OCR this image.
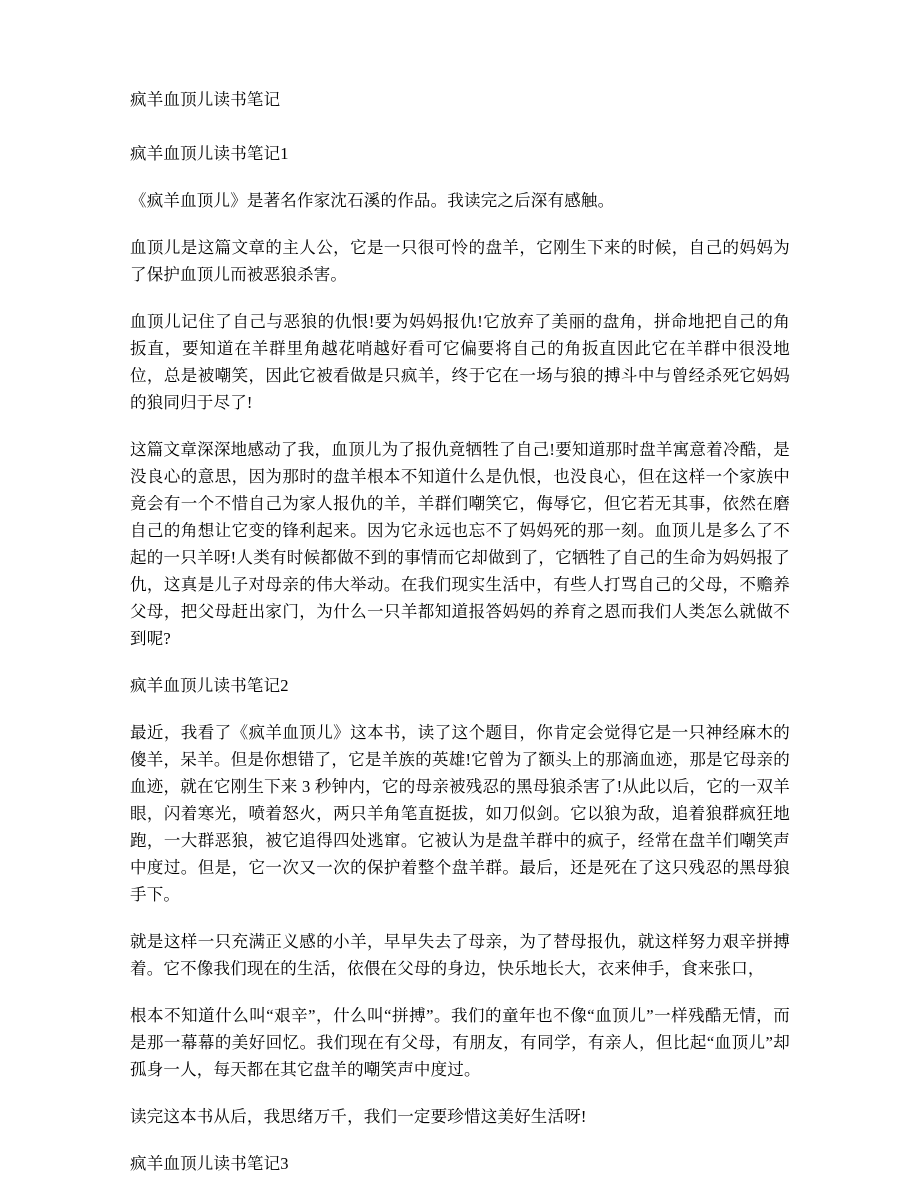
疯羊血顶儿读书笔记

疯羊血顶儿读书笔记1

《疯羊血顶儿》是著名作家沈石溪的作品。我读完之后深有感触。

血顶儿是这篇文章的主人公，它是一只很可怜的盘羊，它刚生下来的时候，自己的妈妈为了保护血顶儿而被恶狼杀害。

血顶儿记住了自己与恶狼的仇恨!要为妈妈报仇!它放弃了美丽的盘角，拼命地把自己的角扳直，要知道在羊群里角越花哨越好看可它偏要将自己的角扳直因此它在羊群中很没地位，总是被嘲笑，因此它被看做是只疯羊，终于它在一场与狼的搏斗中与曾经杀死它妈妈的狼同归于尽了!

这篇文章深深地感动了我，血顶儿为了报仇竟牺牲了自己!要知道那时盘羊寓意着冷酷，是没良心的意思，因为那时的盘羊根本不知道什么是仇恨，也没良心，但在这样一个家族中竟会有一个不惜自己为家人报仇的羊，羊群们嘲笑它，侮辱它，但它若无其事，依然在磨自己的角想让它变的锋利起来。因为它永远也忘不了妈妈死的那一刻。血顶儿是多么了不起的一只羊呀!人类有时候都做不到的事情而它却做到了，它牺牲了自己的生命为妈妈报了仇，这真是儿子对母亲的伟大举动。在我们现实生活中，有些人打骂自己的父母，不赡养父母，把父母赶出家门，为什么一只羊都知道报答妈妈的养育之恩而我们人类怎么就做不到呢?

疯羊血顶儿读书笔记2

最近，我看了《疯羊血顶儿》这本书，读了这个题目，你肯定会觉得它是一只神经麻木的傻羊，呆羊。但是你想错了，它是羊族的英雄!它曾为了额头上的那滴血迹，那是它母亲的血迹，就在它刚生下来 3 秒钟内，它的母亲被残忍的黑母狼杀害了!从此以后，它的一双羊眼，闪着寒光，喷着怒火，两只羊角笔直挺拔，如刀似剑。它以狼为敌，追着狼群疯狂地跑，一大群恶狼，被它追得四处逃窜。它被认为是盘羊群中的疯子，经常在盘羊们嘲笑声中度过。但是，它一次又一次的保护着整个盘羊群。最后，还是死在了这只残忍的黑母狼手下。

就是这样一只充满正义感的小羊，早早失去了母亲，为了替母报仇，就这样努力艰辛拼搏着。它不像我们现在的生活，依偎在父母的身边，快乐地长大，衣来伸手，食来张口，

根本不知道什么叫“艰辛”，什么叫“拼搏”。我们的童年也不像“血顶儿”一样残酷无情，而是那一幕幕的美好回忆。我们现在有父母，有朋友，有同学，有亲人，但比起“血顶儿”却孤身一人，每天都在其它盘羊的嘲笑声中度过。

读完这本书从后，我思绪万千，我们一定要珍惜这美好生活呀!

疯羊血顶儿读书笔记3
